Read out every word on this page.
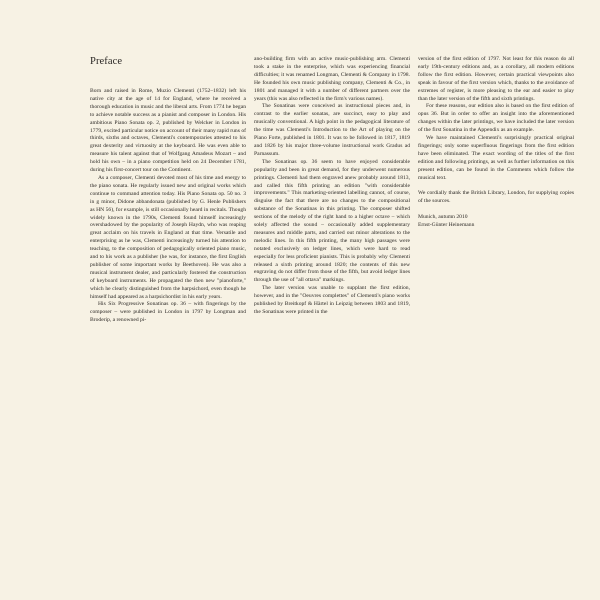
Preface

Born and raised in Rome, Muzio Clementi (1752–1832) left his native city at the age of 14 for England, where he received a thorough education in music and the liberal arts. From 1774 he began to achieve notable success as a pianist and composer in London. His ambitious Piano Sonata op. 2, published by Welcker in London in 1779, excited particular notice on account of their many rapid runs of thirds, sixths and octaves, Clementi's contemporaries attested to his great dexterity and virtuosity at the keyboard. He was even able to measure his talent against that of Wolfgang Amadeus Mozart – and hold his own – in a piano competition held on 24 December 1781, during his first-concert tour on the Continent.

As a composer, Clementi devoted most of his time and energy to the piano sonata. He regularly issued new and original works which continue to command attention today. His Piano Sonata op. 50 no. 3 in g minor, Didone abbandonata (published by G. Henle Publishers as HN 56), for example, is still occasionally heard in recitals. Though widely known in the 1790s, Clementi found himself increasingly overshadowed by the popularity of Joseph Haydn, who was reaping great acclaim on his travels in England at that time. Versatile and enterprising as he was, Clementi increasingly turned his attention to teaching, to the composition of pedagogically oriented piano music, and to his work as a publisher (he was, for instance, the first English publisher of some important works by Beethoven). He was also a musical instrument dealer, and particularly fostered the construction of keyboard instruments. He propagated the then new "pianoforte," which he clearly distinguished from the harpsichord, even though he himself had appeared as a harpsichordist in his early years.

His Six Progressive Sonatinas op. 36 – with fingerings by the composer – were published in London in 1797 by Longman and Broderip, a renowned pi-

ano-building firm with an active music-publishing arm. Clementi took a stake in the enterprise, which was experiencing financial difficulties; it was renamed Longman, Clementi & Company in 1798. He founded his own music publishing company, Clementi & Co., in 1801 and managed it with a number of different partners over the years (this was also reflected in the firm's various names).

The Sonatinas were conceived as instructional pieces and, in contrast to the earlier sonatas, are succinct, easy to play and musically conventional. A high point in the pedagogical literature of the time was Clementi's Introduction to the Art of playing on the Piano Forte, published in 1801. It was to be followed in 1817, 1819 and 1826 by his major three-volume instructional work Gradus ad Parnassum.

The Sonatinas op. 36 seem to have enjoyed considerable popularity and been in great demand, for they underwent numerous printings. Clementi had them engraved anew probably around 1813, and called this fifth printing an edition "with considerable improvements." This marketing-oriented labelling cannot, of course, disguise the fact that there are no changes to the compositional substance of the Sonatinas in this printing. The composer shifted sections of the melody of the right hand to a higher octave – which solely affected the sound – occasionally added supplementary measures and middle parts, and carried out minor alterations to the melodic lines. In this fifth printing, the many high passages were notated exclusively on ledger lines, which were hard to read especially for less proficient pianists. This is probably why Clementi released a sixth printing around 1820; the contents of this new engraving do not differ from those of the fifth, but avoid ledger lines through the use of "all ottava" markings.

The later version was unable to supplant the first edition, however, and in the "Oeuvres complettes" of Clementi's piano works published by Breitkopf & Härtel in Leipzig between 1803 and 1819, the Sonatinas were printed in the

version of the first edition of 1797. Not least for this reason do all early 19th-century editions and, as a corollary, all modern editions follow the first edition. However, certain practical viewpoints also speak in favour of the first version which, thanks to the avoidance of extremes of register, is more pleasing to the ear and easier to play than the later version of the fifth and sixth printings.

For these reasons, our edition also is based on the first edition of opus 36. But in order to offer an insight into the aforementioned changes within the later printings, we have included the later version of the first Sonatina in the Appendix as an example.

We have maintained Clementi's surprisingly practical original fingerings; only some superfluous fingerings from the first edition have been eliminated. The exact wording of the titles of the first edition and following printings, as well as further information on this present edition, can be found in the Comments which follow the musical text.

We cordially thank the British Library, London, for supplying copies of the sources.

Munich, autumn 2010

Ernst-Günter Heinemann
